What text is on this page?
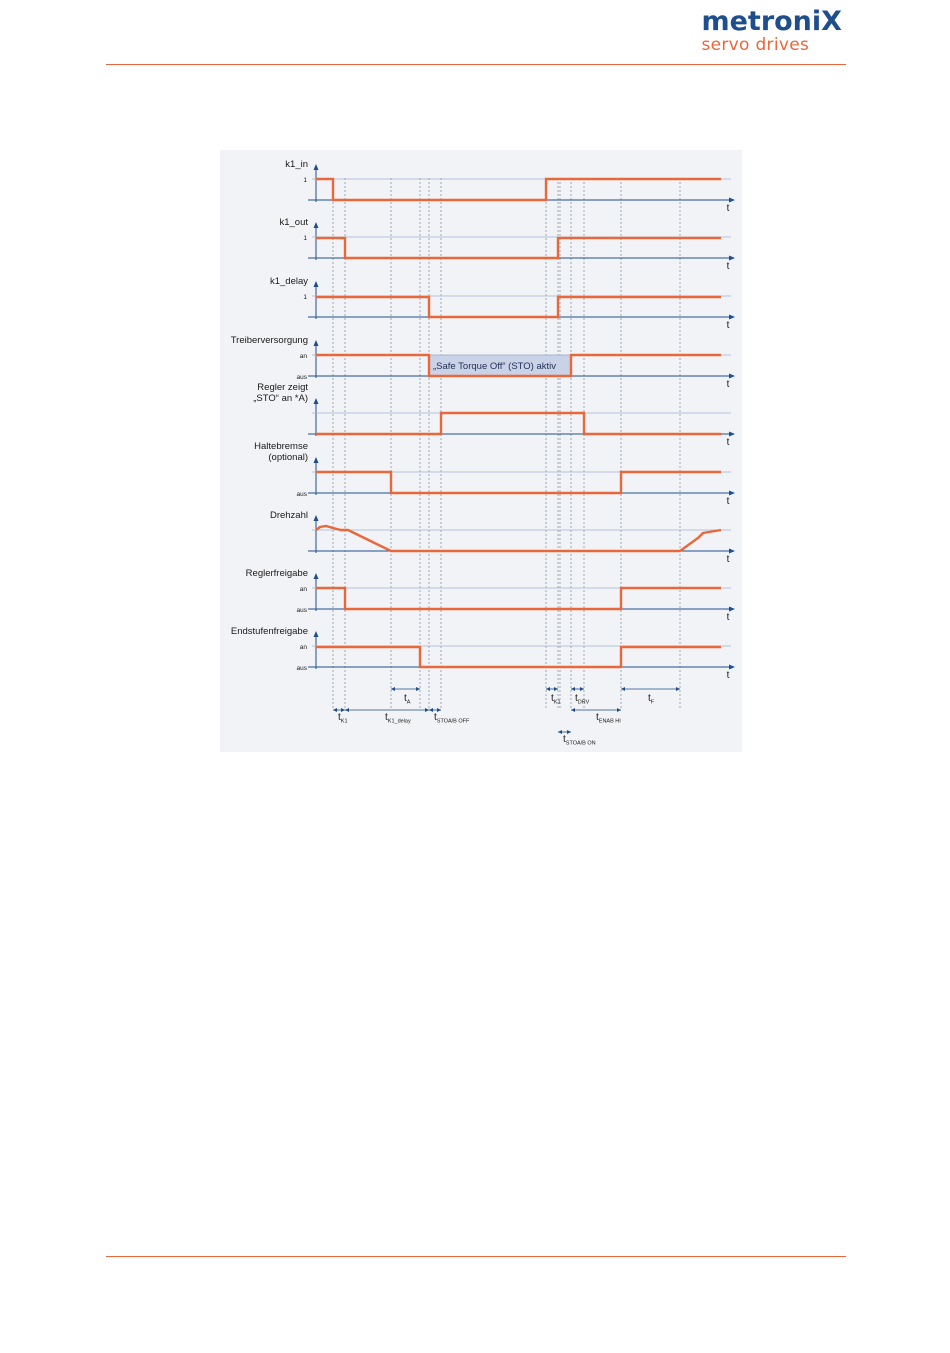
metroniX
servo drives
„Safe Torque Off“ (STO) aktiv
k1_in
1
t
k1_out
1
t
k1_delay
1
t
Treiberversorgung
an
aus
t
Regler zeigt
„STO“ an *A)
t
Haltebremse
(optional)
aus
t
Drehzahl
t
Reglerfreigabe
an
aus
t
Endstufenfreigabe
an
aus
t
$t_{K1}$	$t_{K1\_delay}$
$t_A$
$t_{STOA/B OFF}$
$t_{K1}$ $t_{DRV}$
$t_{STOA/B ON}$
$t_{ENAB HI}$
$t_F$
